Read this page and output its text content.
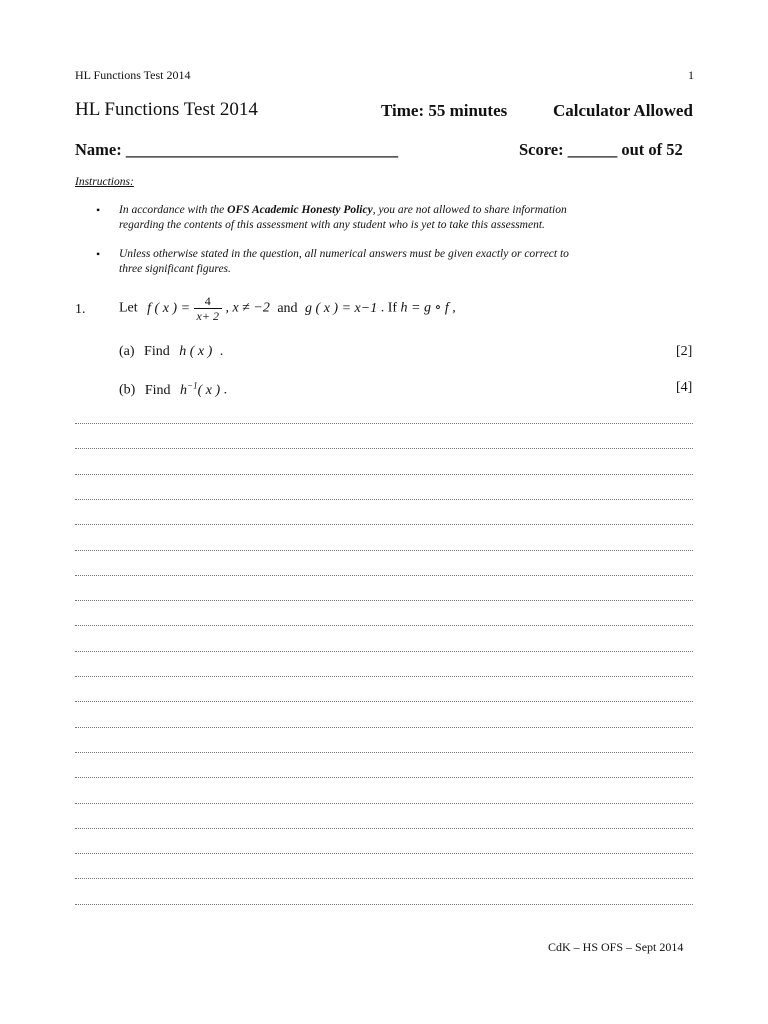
HL Functions Test 2014	1
HL Functions Test 2014	Time: 55 minutes	Calculator Allowed
Name: _________________________________	Score: ______ out of 52
Instructions:
• In accordance with the OFS Academic Honesty Policy, you are not allowed to share information
regarding the contents of this assessment with any student who is yet to take this assessment.
• Unless otherwise stated in the question, all numerical answers must be given exactly or correct to
three significant figures.
1. Let f ( x ) = $\frac{4}{x+ 2}$ , x ≠ −2 and g ( x ) = x−1 . If h = g ∘ f ,
(a) Find h ( x ) .	[2]
(b) Find $h^{-1}$( x ) .	[4]
CdK – HS OFS – Sept 2014
